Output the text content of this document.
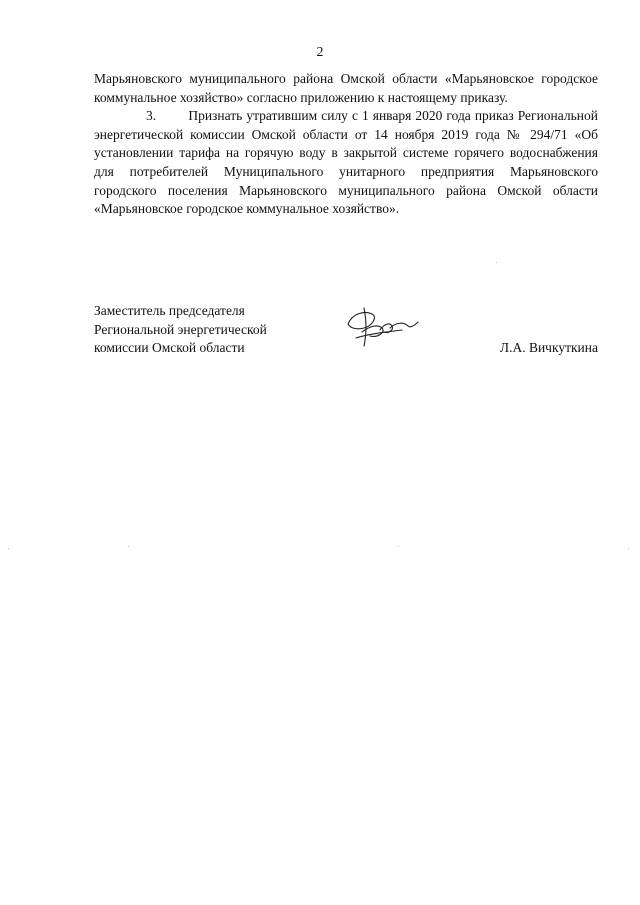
2

Марьяновского муниципального района Омской области «Марьяновское городское коммунальное хозяйство» согласно приложению к настоящему приказу.

3. Признать утратившим силу с 1 января 2020 года приказ Региональной энергетической комиссии Омской области от 14 ноября 2019 года № 294/71 «Об установлении тарифа на горячую воду в закрытой системе горячего водоснабжения для потребителей Муниципального унитарного предприятия Марьяновского городского поселения Марьяновского муниципального района Омской области «Марьяновское городское коммунальное хозяйство».

Заместитель председателя
Региональной энергетической
комиссии Омской области	Л.А. Вичкуткина
